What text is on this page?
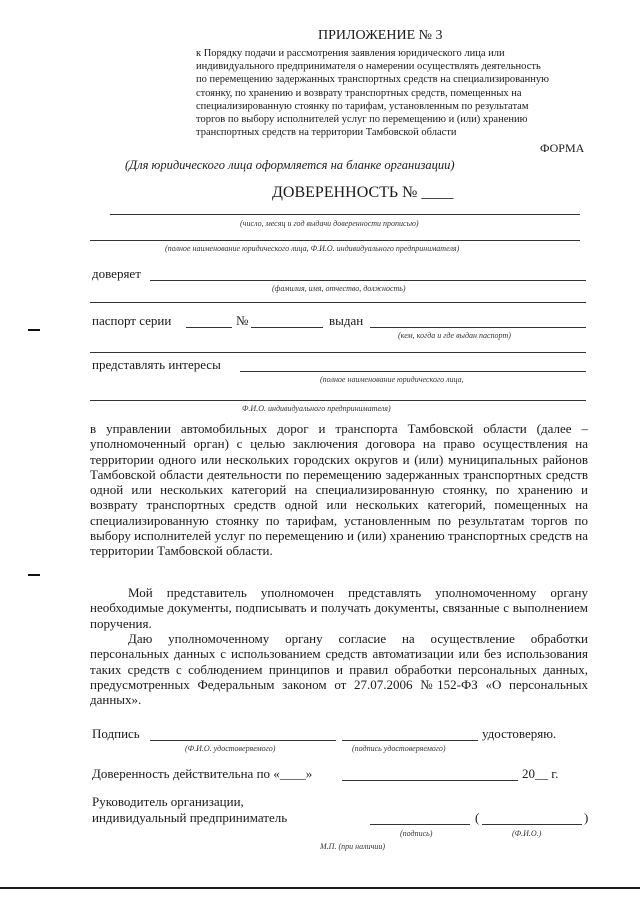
ПРИЛОЖЕНИЕ № 3
к Порядку подачи и рассмотрения заявления юридического лица или
индивидуального предпринимателя о намерении осуществлять деятельность
по перемещению задержанных транспортных средств на специализированную
стоянку, по хранению и возврату транспортных средств, помещенных на
специализированную стоянку по тарифам, установленным по результатам
торгов по выбору исполнителей услуг по перемещению и (или) хранению
транспортных средств на территории Тамбовской области
ФОРМА
(Для юридического лица оформляется на бланке организации)
ДОВЕРЕННОСТЬ № ____
(число, месяц и год выдачи доверенности прописью)
(полное наименование юридического лица, Ф.И.О. индивидуального предпринимателя)
доверяет
(фамилия, имя, отчество, должность)
паспорт серии	№	выдан
(кем, когда и где выдан паспорт)
представлять интересы
(полное наименование юридического лица,
Ф.И.О. индивидуального предпринимателя)
в управлении автомобильных дорог и транспорта Тамбовской области (далее – уполномоченный орган) с целью заключения договора на право осуществления на территории одного или нескольких городских округов и (или) муниципальных районов Тамбовской области деятельности по перемещению задержанных транспортных средств одной или нескольких категорий на специализированную стоянку, по хранению и возврату транспортных средств одной или нескольких категорий, помещенных на специализированную стоянку по тарифам, установленным по результатам торгов по выбору исполнителей услуг по перемещению и (или) хранению транспортных средств на территории Тамбовской области.
Мой представитель уполномочен представлять уполномоченному органу необходимые документы, подписывать и получать документы, связанные с выполнением поручения.
Даю уполномоченному органу согласие на осуществление обработки персональных данных с использованием средств автоматизации или без использования таких средств с соблюдением принципов и правил обработки персональных данных, предусмотренных Федеральным законом от 27.07.2006 №152-ФЗ «О персональных данных».
Подпись	удостоверяю.
(Ф.И.О. удостоверяемого)	(подпись удостоверяемого)
Доверенность действительна по «____»	20__ г.
Руководитель организации,
индивидуальный предприниматель	(	)
(подпись)	(Ф.И.О.)
М.П. (при наличии)
